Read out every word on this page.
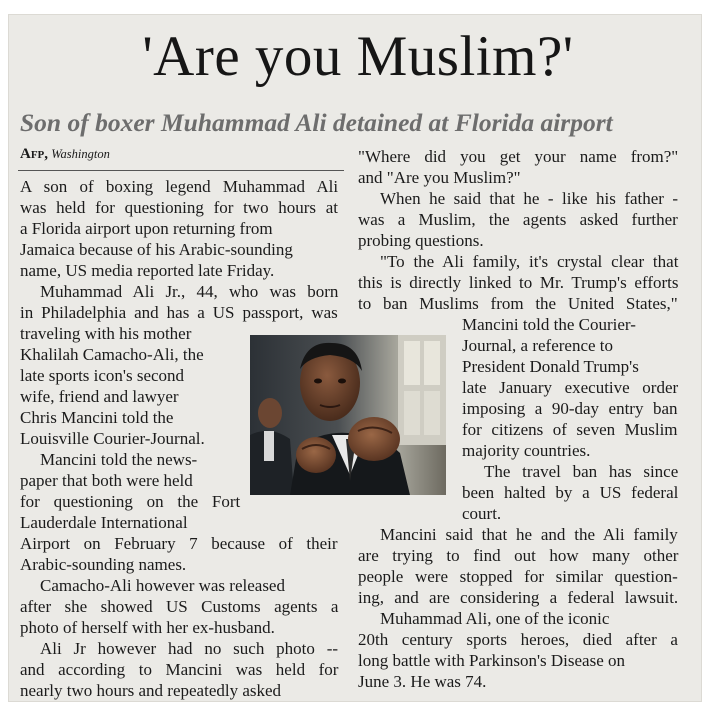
'Are you Muslim?'
Son of boxer Muhammad Ali detained at Florida airport
Afp, Washington
A son of boxing legend Muhammad Ali
was held for questioning for two hours at
a Florida airport upon returning from
Jamaica because of his Arabic-sounding
name, US media reported late Friday.
Muhammad Ali Jr., 44, who was born
in Philadelphia and has a US passport, was
traveling with his mother
Khalilah Camacho-Ali, the
late sports icon's second
wife, friend and lawyer
Chris Mancini told the
Louisville Courier-Journal.
Mancini told the news-
paper that both were held
for questioning on the Fort
Lauderdale International
Airport on February 7 because of their
Arabic-sounding names.
Camacho-Ali however was released
after she showed US Customs agents a
photo of herself with her ex-husband.
Ali Jr however had no such photo --
and according to Mancini was held for
nearly two hours and repeatedly asked
"Where did you get your name from?"
and "Are you Muslim?"
When he said that he - like his father -
was a Muslim, the agents asked further
probing questions.
"To the Ali family, it's crystal clear that
this is directly linked to Mr. Trump's efforts
to ban Muslims from the United States,"
Mancini told the Courier-
Journal, a reference to
President Donald Trump's
late January executive order
imposing a 90-day entry ban
for citizens of seven Muslim
majority countries.
The travel ban has since
been halted by a US federal
court.
Mancini said that he and the Ali family
are trying to find out how many other
people were stopped for similar question-
ing, and are considering a federal lawsuit.
Muhammad Ali, one of the iconic
20th century sports heroes, died after a
long battle with Parkinson's Disease on
June 3. He was 74.
